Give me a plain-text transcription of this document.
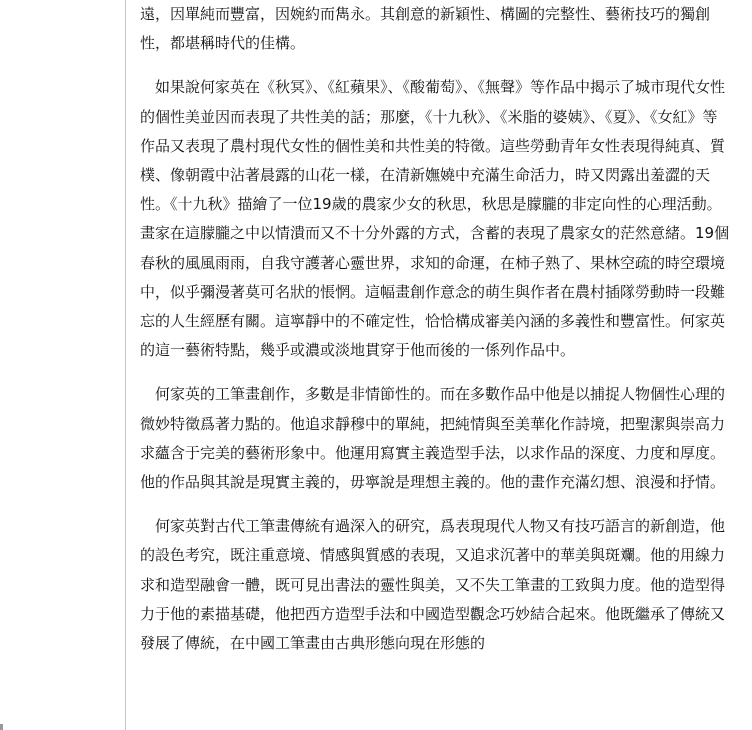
遠，因單純而豐富，因婉約而雋永。其創意的新穎性、構圖的完整性、藝術技巧的獨創性，都堪稱時代的佳構。

如果說何家英在《秋冥》、《紅蘋果》、《酸葡萄》、《無聲》等作品中揭示了城市現代女性的個性美並因而表現了共性美的話；那麼，《十九秋》、《米脂的婆姨》、《夏》、《女紅》等作品又表現了農村現代女性的個性美和共性美的特徵。這些勞動青年女性表現得純真、質樸、像朝霞中沾著晨露的山花一樣，在清新嫵嬈中充滿生命活力，時又閃露出羞澀的天性。《十九秋》描繪了一位19歲的農家少女的秋思，秋思是朦朧的非定向性的心理活動。畫家在這朦朧之中以情潰而又不十分外露的方式，含蓄的表現了農家女的茫然意緒。19個春秋的風風雨雨，自我守護著心靈世界，求知的命運，在柿子熟了、果林空疏的時空環境中，似乎彌漫著莫可名狀的悵惘。這幅畫創作意念的萌生與作者在農村插隊勞動時一段難忘的人生經歷有關。這寧靜中的不確定性，恰恰構成審美內涵的多義性和豐富性。何家英的這一藝術特點，幾乎或濃或淡地貫穿于他而後的一係列作品中。

何家英的工筆畫創作，多數是非情節性的。而在多數作品中他是以捕捉人物個性心理的微妙特徵爲著力點的。他追求靜穆中的單純，把純情與至美華化作詩境，把聖潔與崇高力求蘊含于完美的藝術形象中。他運用寫實主義造型手法，以求作品的深度、力度和厚度。他的作品與其說是現實主義的，毋寧說是理想主義的。他的畫作充滿幻想、浪漫和抒情。

何家英對古代工筆畫傳統有過深入的研究，爲表現現代人物又有技巧語言的新創造，他的設色考究，既注重意境、情感與質感的表現，又追求沉著中的華美與斑斕。他的用線力求和造型融會一體，既可見出書法的靈性與美，又不失工筆畫的工致與力度。他的造型得力于他的素描基礎，他把西方造型手法和中國造型觀念巧妙結合起來。他既繼承了傳統又發展了傳統，在中國工筆畫由古典形態向現在形態的
